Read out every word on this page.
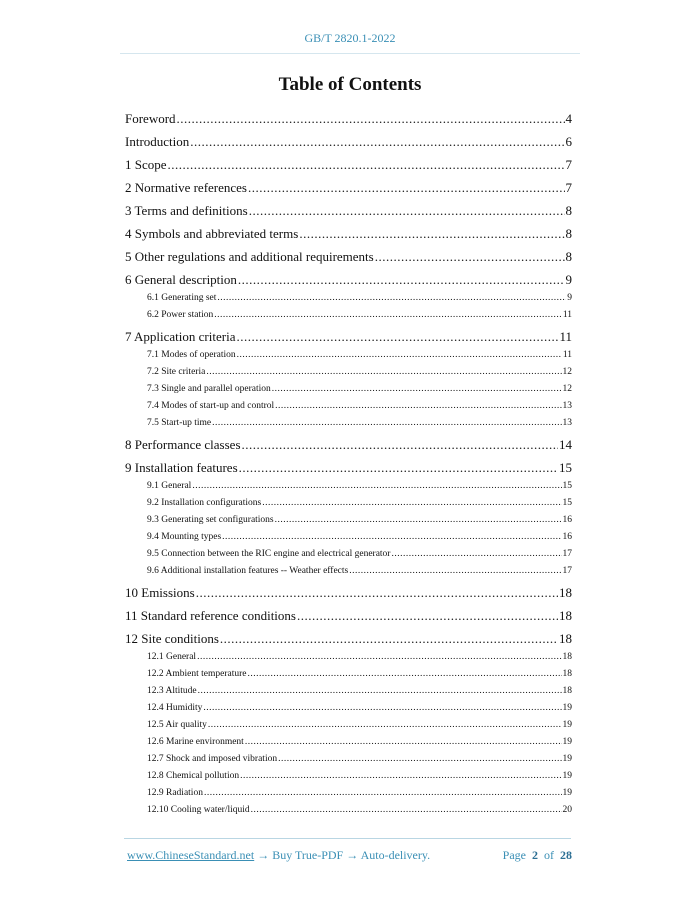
GB/T 2820.1-2022
Table of Contents
Foreword .....	4
Introduction .....	6
1 Scope .....	7
2 Normative references .....	7
3 Terms and definitions .....	8
4 Symbols and abbreviated terms .....	8
5 Other regulations and additional requirements .....	8
6 General description .....	9
6.1 Generating set .....	9
6.2 Power station .....	11
7 Application criteria .....	11
7.1 Modes of operation .....	11
7.2 Site criteria .....	12
7.3 Single and parallel operation .....	12
7.4 Modes of start-up and control .....	13
7.5 Start-up time .....	13
8 Performance classes .....	14
9 Installation features .....	15
9.1 General .....	15
9.2 Installation configurations .....	15
9.3 Generating set configurations .....	16
9.4 Mounting types .....	16
9.5 Connection between the RIC engine and electrical generator .....	17
9.6 Additional installation features -- Weather effects .....	17
10 Emissions .....	18
11 Standard reference conditions .....	18
12 Site conditions .....	18
12.1 General .....	18
12.2 Ambient temperature .....	18
12.3 Altitude .....	18
12.4 Humidity .....	19
12.5 Air quality .....	19
12.6 Marine environment .....	19
12.7 Shock and imposed vibration .....	19
12.8 Chemical pollution .....	19
12.9 Radiation .....	19
12.10 Cooling water/liquid .....	20
www.ChineseStandard.net → Buy True-PDF → Auto-delivery.	Page 2 of 28
